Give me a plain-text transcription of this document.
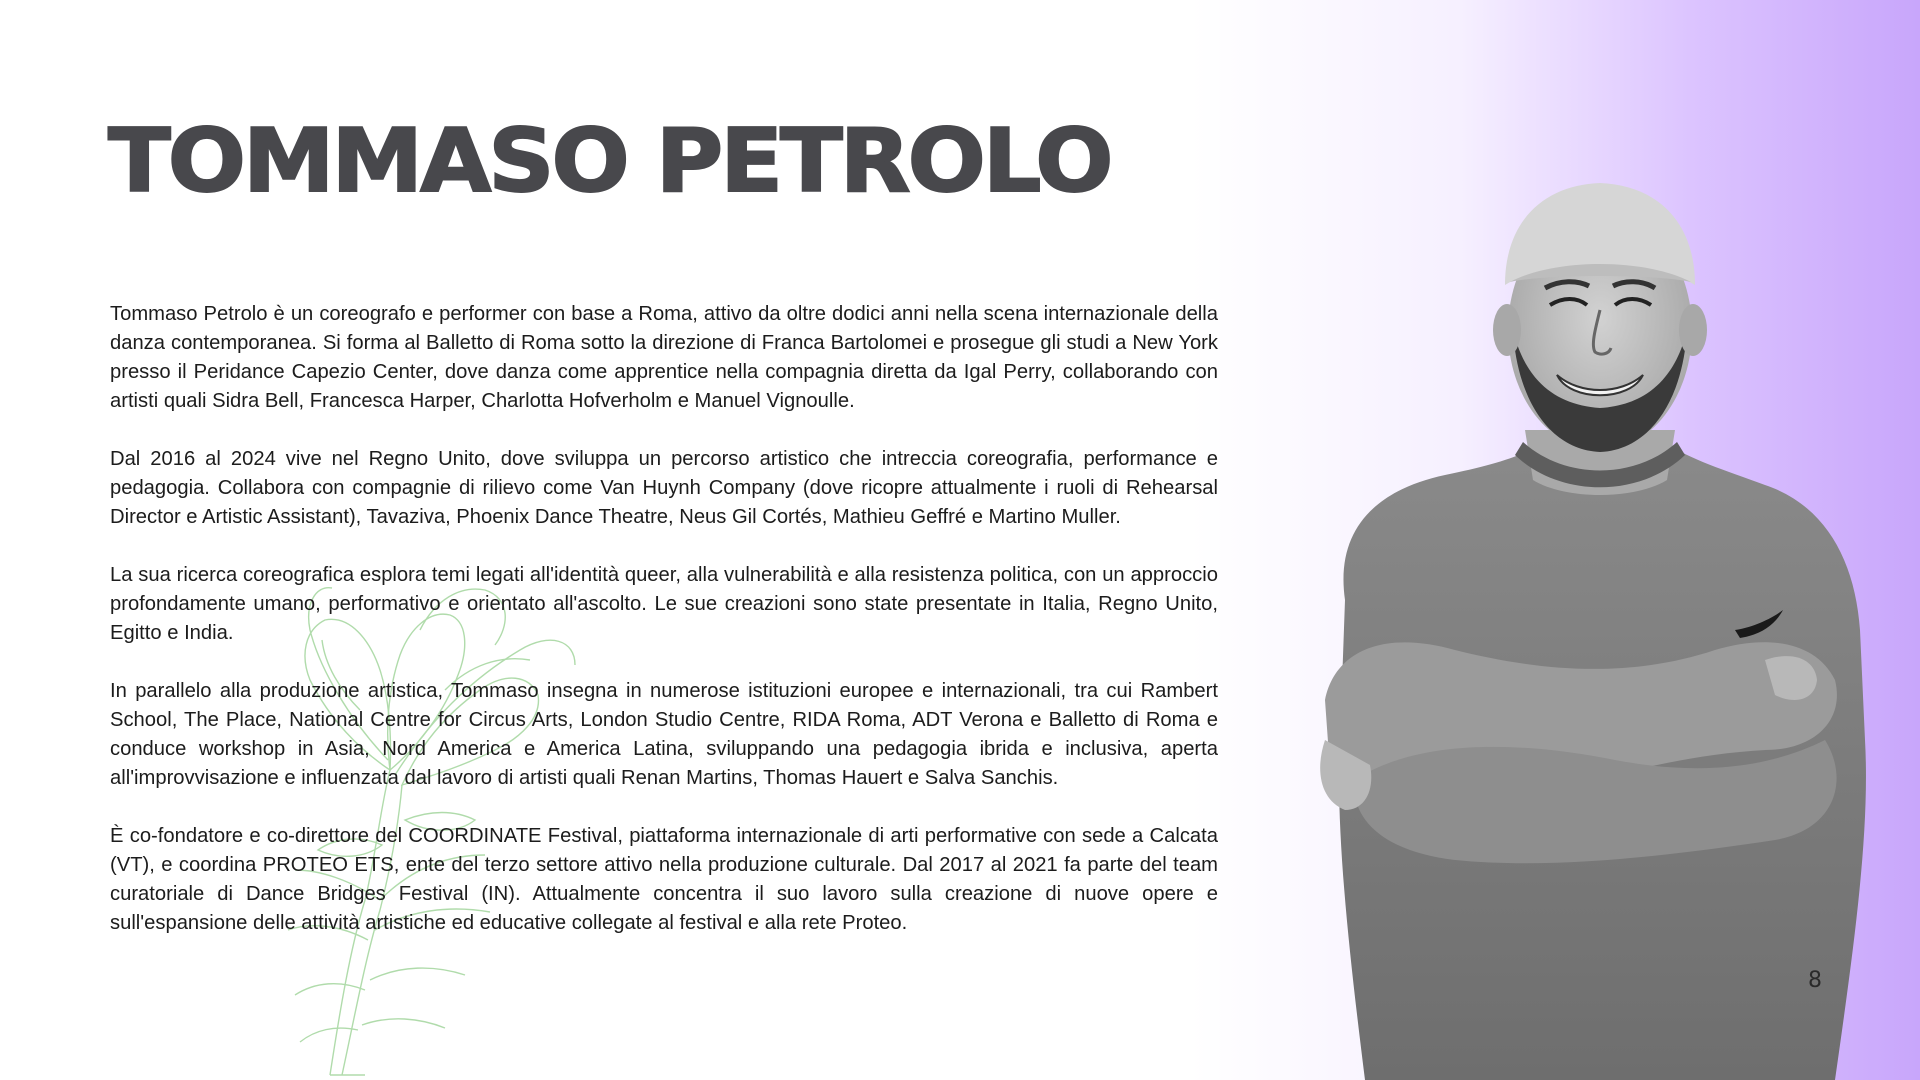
TOMMASO PETROLO

Tommaso Petrolo è un coreografo e performer con base a Roma, attivo da oltre dodici anni nella scena internazionale della danza contemporanea. Si forma al Balletto di Roma sotto la direzione di Franca Bartolomei e prosegue gli studi a New York presso il Peridance Capezio Center, dove danza come apprentice nella compagnia diretta da Igal Perry, collaborando con artisti quali Sidra Bell, Francesca Harper, Charlotta Hofverholm e Manuel Vignoulle.

Dal 2016 al 2024 vive nel Regno Unito, dove sviluppa un percorso artistico che intreccia coreografia, performance e pedagogia. Collabora con compagnie di rilievo come Van Huynh Company (dove ricopre attualmente i ruoli di Rehearsal Director e Artistic Assistant), Tavaziva, Phoenix Dance Theatre, Neus Gil Cortés, Mathieu Geffré e Martino Muller.

La sua ricerca coreografica esplora temi legati all'identità queer, alla vulnerabilità e alla resistenza politica, con un approccio profondamente umano, performativo e orientato all'ascolto. Le sue creazioni sono state presentate in Italia, Regno Unito, Egitto e India.

In parallelo alla produzione artistica, Tommaso insegna in numerose istituzioni europee e internazionali, tra cui Rambert School, The Place, National Centre for Circus Arts, London Studio Centre, RIDA Roma, ADT Verona e Balletto di Roma e conduce workshop in Asia, Nord America e America Latina, sviluppando una pedagogia ibrida e inclusiva, aperta all'improvvisazione e influenzata dal lavoro di artisti quali Renan Martins, Thomas Hauert e Salva Sanchis.

È co-fondatore e co-direttore del COORDINATE Festival, piattaforma internazionale di arti performative con sede a Calcata (VT), e coordina PROTEO ETS, ente del terzo settore attivo nella produzione culturale. Dal 2017 al 2021 fa parte del team curatoriale di Dance Bridges Festival (IN). Attualmente concentra il suo lavoro sulla creazione di nuove opere e sull'espansione delle attività artistiche ed educative collegate al festival e alla rete Proteo.

8
